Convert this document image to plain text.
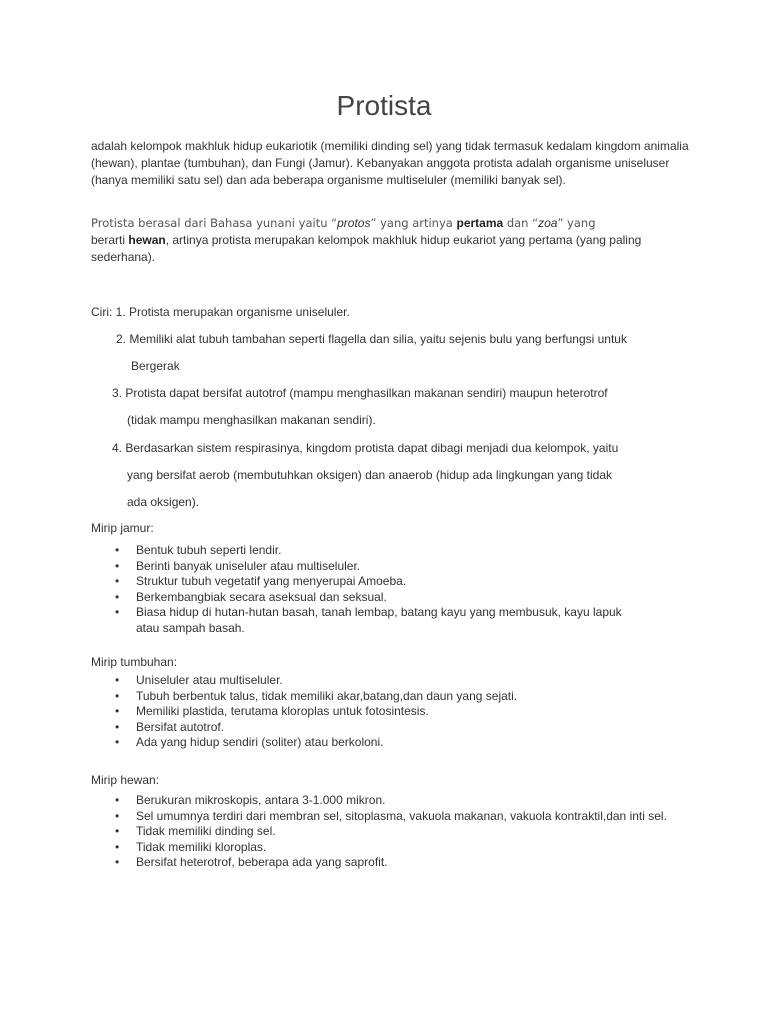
Protista

adalah kelompok makhluk hidup eukariotik (memiliki dinding sel) yang tidak termasuk kedalam kingdom animalia (hewan), plantae (tumbuhan), dan Fungi (Jamur). Kebanyakan anggota protista adalah organisme uniseluser (hanya memiliki satu sel) dan ada beberapa organisme multiseluler (memiliki banyak sel).

Protista berasal dari Bahasa yunani yaitu “protos” yang artinya pertama dan “zoa” yang
berarti hewan, artinya protista merupakan kelompok makhluk hidup eukariot yang pertama (yang paling sederhana).

Ciri: 1. Protista merupakan organisme uniseluler.

2. Memiliki alat tubuh tambahan seperti flagella dan silia, yaitu sejenis bulu yang berfungsi untuk

Bergerak

3. Protista dapat bersifat autotrof (mampu menghasilkan makanan sendiri) maupun heterotrof

(tidak mampu menghasilkan makanan sendiri).

4. Berdasarkan sistem respirasinya, kingdom protista dapat dibagi menjadi dua kelompok, yaitu

yang bersifat aerob (membutuhkan oksigen) dan anaerob (hidup ada lingkungan yang tidak

ada oksigen).

Mirip jamur:

• Bentuk tubuh seperti lendir.
• Berinti banyak uniseluler atau multiseluler.
• Struktur tubuh vegetatif yang menyerupai Amoeba.
• Berkembangbiak secara aseksual dan seksual.
• Biasa hidup di hutan-hutan basah, tanah lembap, batang kayu yang membusuk, kayu lapuk atau sampah basah.

Mirip tumbuhan:

• Uniseluler atau multiseluler.
• Tubuh berbentuk talus, tidak memiliki akar,batang,dan daun yang sejati.
• Memiliki plastida, terutama kloroplas untuk fotosintesis.
• Bersifat autotrof.
• Ada yang hidup sendiri (soliter) atau berkoloni.

Mirip hewan:

• Berukuran mikroskopis, antara 3-1.000 mikron.
• Sel umumnya terdiri dari membran sel, sitoplasma, vakuola makanan, vakuola kontraktil,dan inti sel.
• Tidak memiliki dinding sel.
• Tidak memiliki kloroplas.
• Bersifat heterotrof, beberapa ada yang saprofit.
